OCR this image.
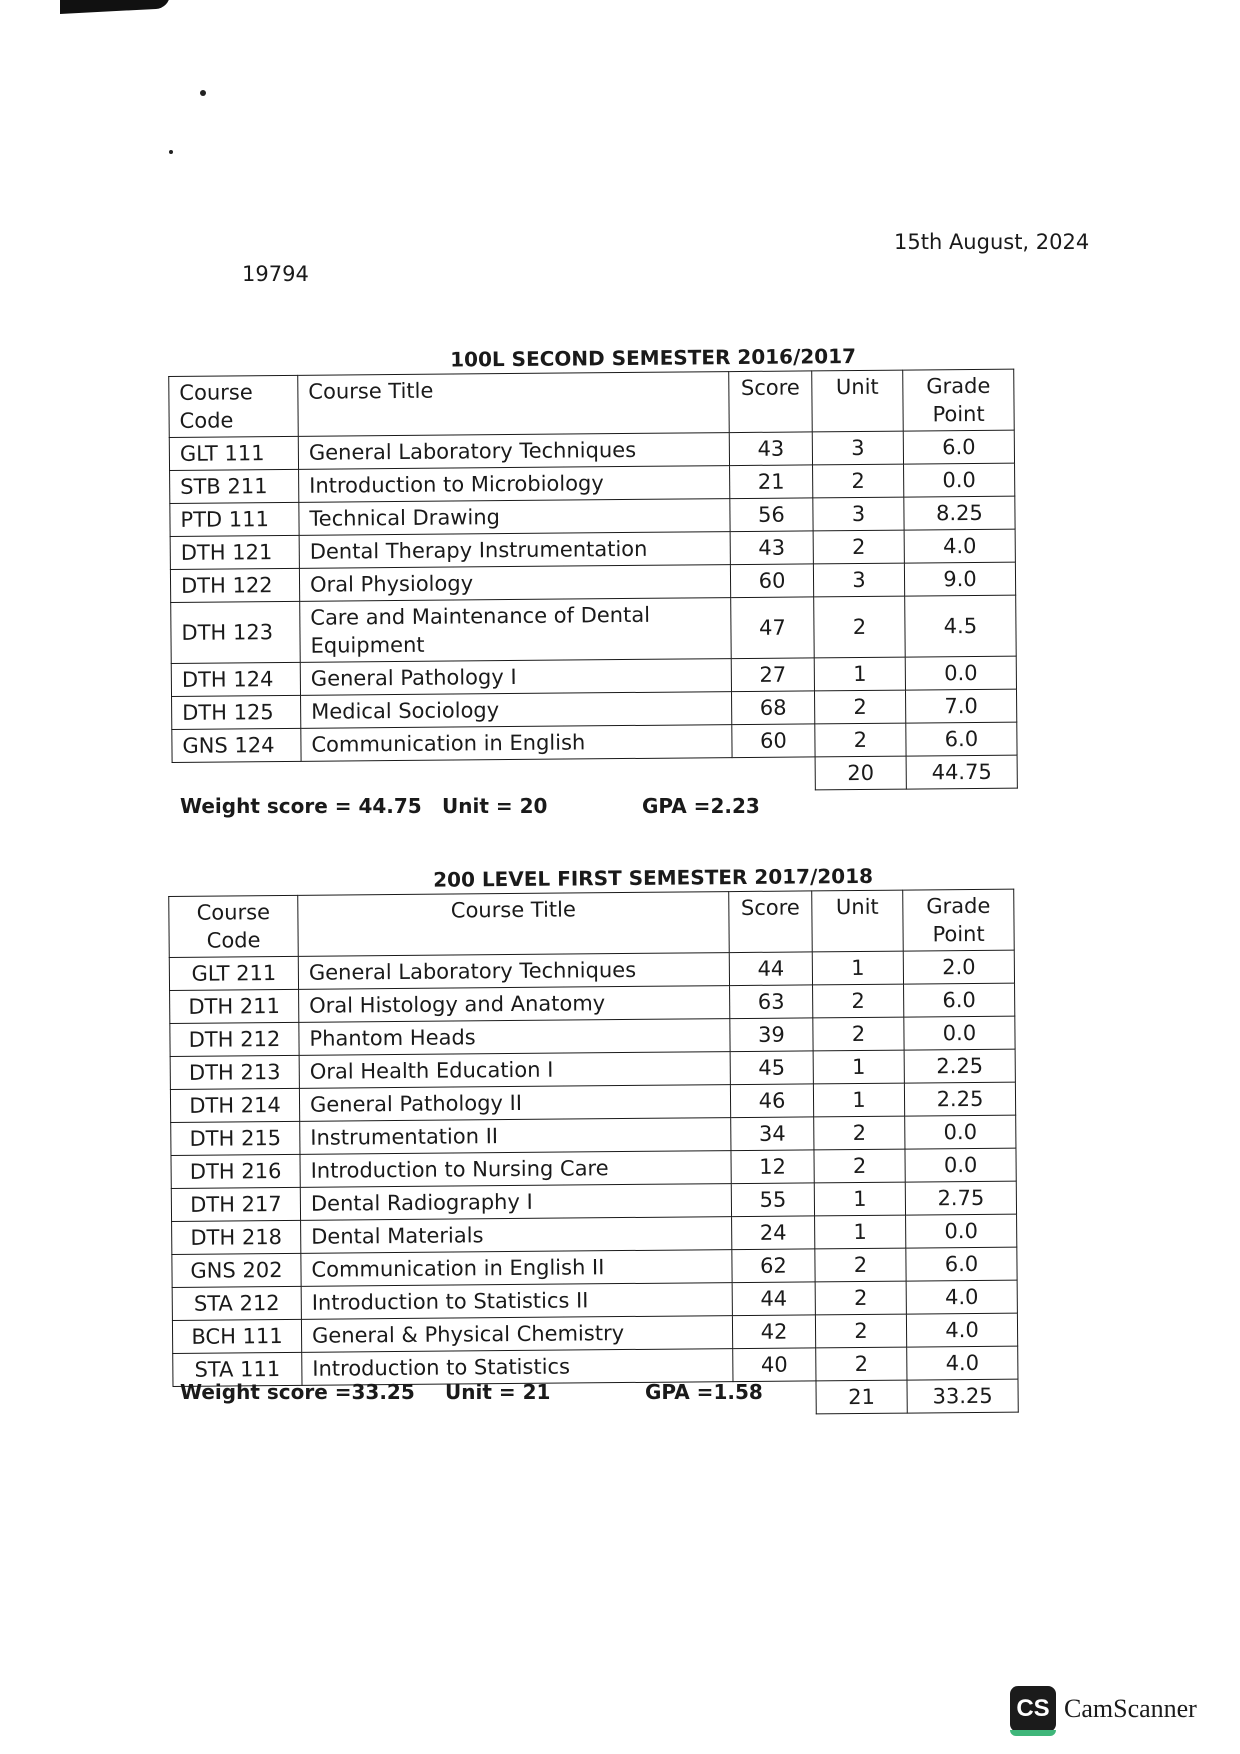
19794
15th August, 2024
100L SECOND SEMESTER 2016/2017
Course Code	Course Title	Score	Unit	Grade Point
GLT 111	General Laboratory Techniques	43	3	6.0
STB 211	Introduction to Microbiology	21	2	0.0
PTD 111	Technical Drawing	56	3	8.25
DTH 121	Dental Therapy Instrumentation	43	2	4.0
DTH 122	Oral Physiology	60	3	9.0
DTH 123	Care and Maintenance of Dental Equipment	47	2	4.5
DTH 124	General Pathology I	27	1	0.0
DTH 125	Medical Sociology	68	2	7.0
GNS 124	Communication in English	60	2	6.0
			20	44.75
Weight score = 44.75 Unit = 20	GPA =2.23
200 LEVEL FIRST SEMESTER 2017/2018
Course Code	Course Title	Score	Unit	Grade Point
GLT 211	General Laboratory Techniques	44	1	2.0
DTH 211	Oral Histology and Anatomy	63	2	6.0
DTH 212	Phantom Heads	39	2	0.0
DTH 213	Oral Health Education I	45	1	2.25
DTH 214	General Pathology II	46	1	2.25
DTH 215	Instrumentation II	34	2	0.0
DTH 216	Introduction to Nursing Care	12	2	0.0
DTH 217	Dental Radiography I	55	1	2.75
DTH 218	Dental Materials	24	1	0.0
GNS 202	Communication in English II	62	2	6.0
STA 212	Introduction to Statistics II	44	2	4.0
BCH 111	General & Physical Chemistry	42	2	4.0
STA 111	Introduction to Statistics	40	2	4.0
			21	33.25
Weight score =33.25 Unit = 21	GPA =1.58
CS CamScanner
